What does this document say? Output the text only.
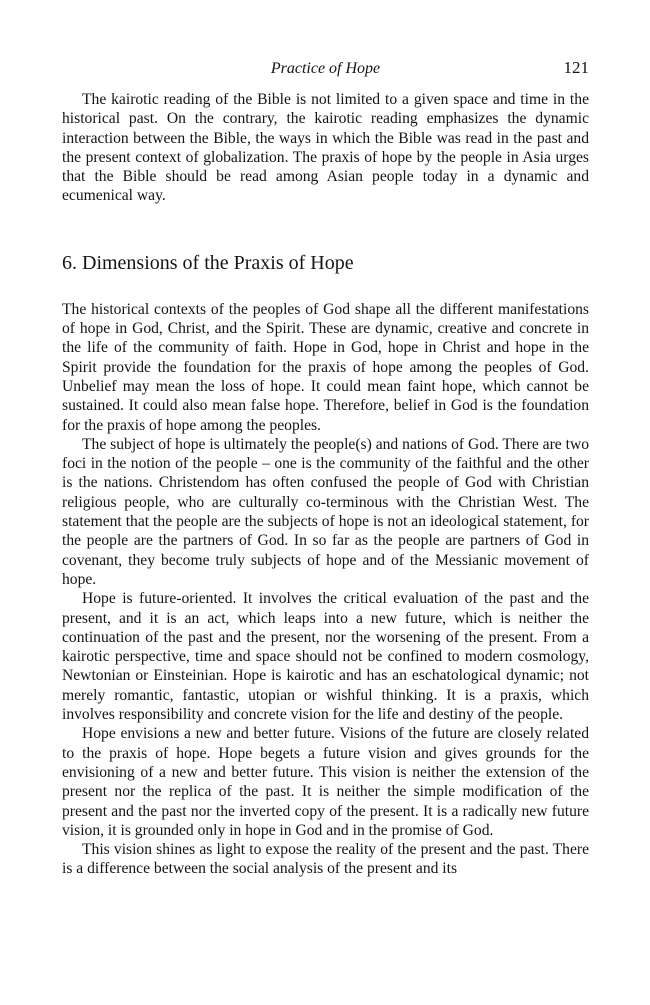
Practice of Hope	121

The kairotic reading of the Bible is not limited to a given space and time in the historical past. On the contrary, the kairotic reading emphasizes the dynamic interaction between the Bible, the ways in which the Bible was read in the past and the present context of globalization. The praxis of hope by the people in Asia urges that the Bible should be read among Asian people today in a dynamic and ecumenical way.

6. Dimensions of the Praxis of Hope

The historical contexts of the peoples of God shape all the different manifestations of hope in God, Christ, and the Spirit. These are dynamic, creative and concrete in the life of the community of faith. Hope in God, hope in Christ and hope in the Spirit provide the foundation for the praxis of hope among the peoples of God. Unbelief may mean the loss of hope. It could mean faint hope, which cannot be sustained. It could also mean false hope. Therefore, belief in God is the foundation for the praxis of hope among the peoples.

The subject of hope is ultimately the people(s) and nations of God. There are two foci in the notion of the people – one is the community of the faithful and the other is the nations. Christendom has often confused the people of God with Christian religious people, who are culturally co-terminous with the Christian West. The statement that the people are the subjects of hope is not an ideological statement, for the people are the partners of God. In so far as the people are partners of God in covenant, they become truly subjects of hope and of the Messianic movement of hope.

Hope is future-oriented. It involves the critical evaluation of the past and the present, and it is an act, which leaps into a new future, which is neither the continuation of the past and the present, nor the worsening of the present. From a kairotic perspective, time and space should not be confined to modern cosmology, Newtonian or Einsteinian. Hope is kairotic and has an eschatological dynamic; not merely romantic, fantastic, utopian or wishful thinking. It is a praxis, which involves responsibility and concrete vision for the life and destiny of the people.

Hope envisions a new and better future. Visions of the future are closely related to the praxis of hope. Hope begets a future vision and gives grounds for the envisioning of a new and better future. This vision is neither the extension of the present nor the replica of the past. It is neither the simple modification of the present and the past nor the inverted copy of the present. It is a radically new future vision, it is grounded only in hope in God and in the promise of God.

This vision shines as light to expose the reality of the present and the past. There is a difference between the social analysis of the present and its
